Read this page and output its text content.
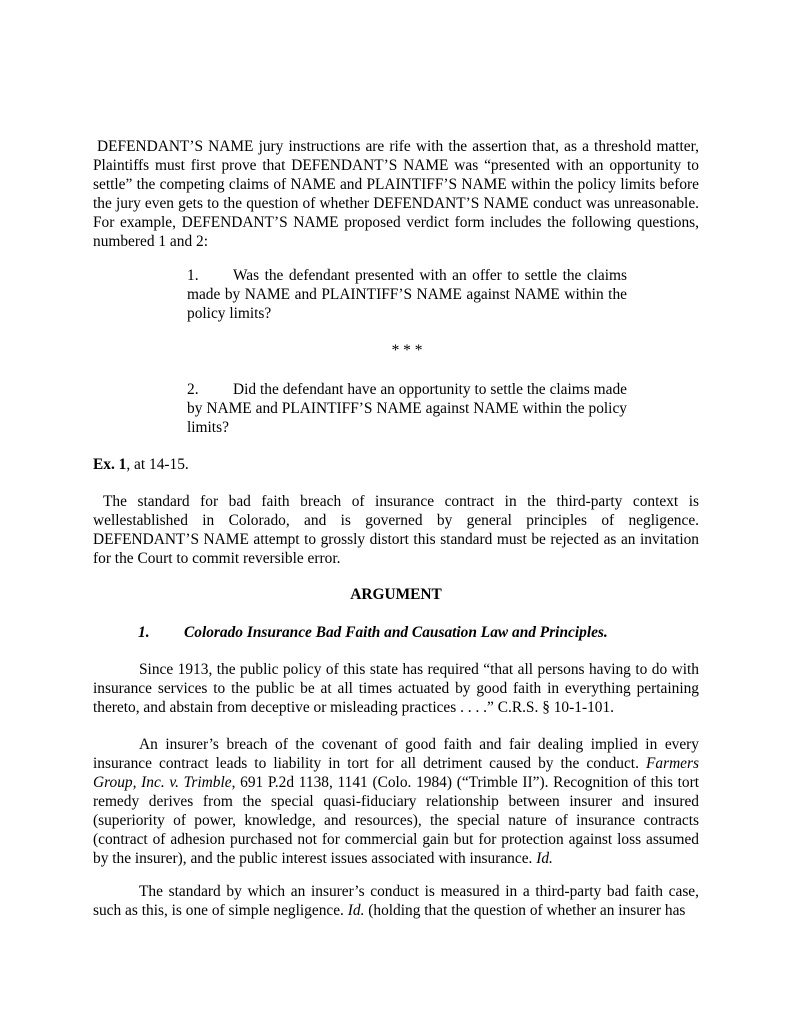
DEFENDANT’S NAME jury instructions are rife with the assertion that, as a threshold matter, Plaintiffs must first prove that DEFENDANT’S NAME was “presented with an opportunity to settle” the competing claims of NAME and PLAINTIFF’S NAME within the policy limits before the jury even gets to the question of whether DEFENDANT’S NAME conduct was unreasonable. For example, DEFENDANT’S NAME proposed verdict form includes the following questions, numbered 1 and 2:

1. Was the defendant presented with an offer to settle the claims made by NAME and PLAINTIFF’S NAME against NAME within the policy limits?

* * *

2. Did the defendant have an opportunity to settle the claims made by NAME and PLAINTIFF’S NAME against NAME within the policy limits?

Ex. 1, at 14-15.

The standard for bad faith breach of insurance contract in the third-party context is wellestablished in Colorado, and is governed by general principles of negligence. DEFENDANT’S NAME attempt to grossly distort this standard must be rejected as an invitation for the Court to commit reversible error.

ARGUMENT

1. Colorado Insurance Bad Faith and Causation Law and Principles.

Since 1913, the public policy of this state has required “that all persons having to do with insurance services to the public be at all times actuated by good faith in everything pertaining thereto, and abstain from deceptive or misleading practices . . . .” C.R.S. § 10-1-101.

An insurer’s breach of the covenant of good faith and fair dealing implied in every insurance contract leads to liability in tort for all detriment caused by the conduct. Farmers Group, Inc. v. Trimble, 691 P.2d 1138, 1141 (Colo. 1984) (“Trimble II”). Recognition of this tort remedy derives from the special quasi-fiduciary relationship between insurer and insured (superiority of power, knowledge, and resources), the special nature of insurance contracts (contract of adhesion purchased not for commercial gain but for protection against loss assumed by the insurer), and the public interest issues associated with insurance. Id.

The standard by which an insurer’s conduct is measured in a third-party bad faith case, such as this, is one of simple negligence. Id. (holding that the question of whether an insurer has
